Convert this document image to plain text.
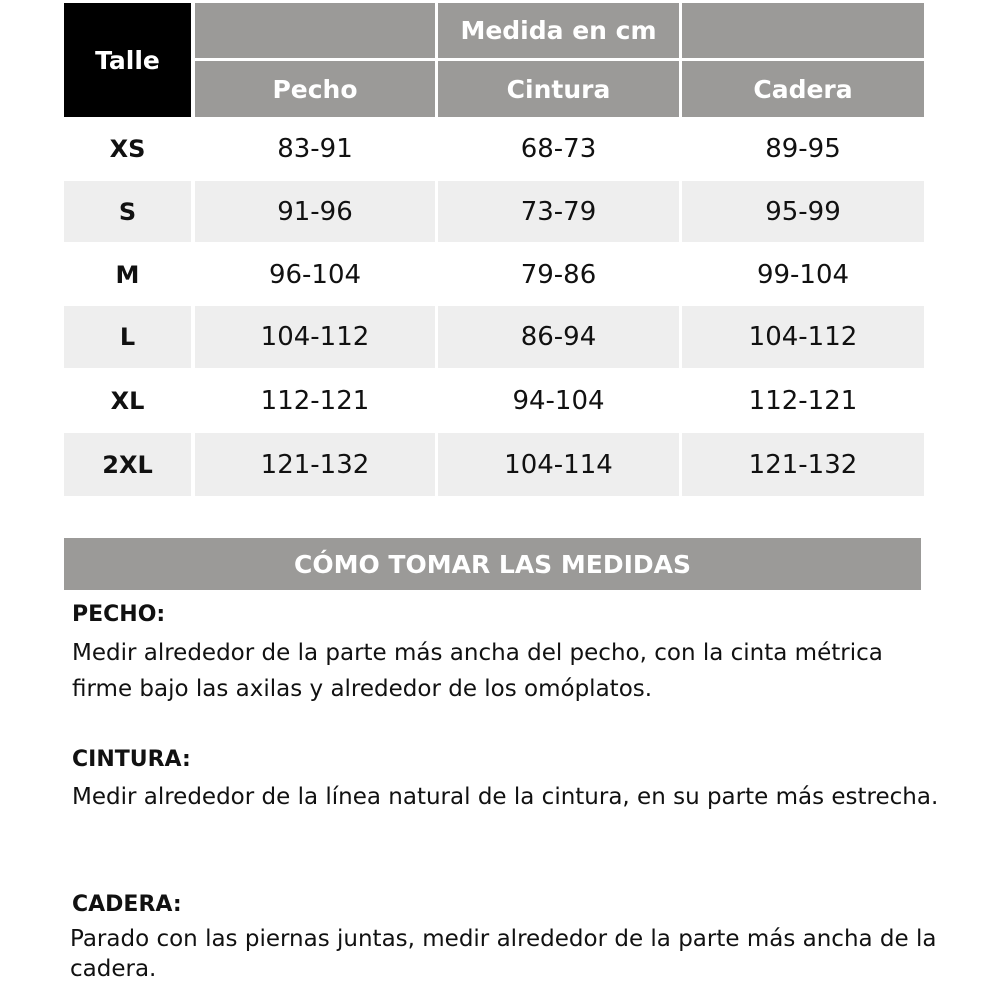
Talle
Medida en cm
Pecho	Cintura	Cadera
XS	83-91	68-73	89-95
S	91-96	73-79	95-99
M	96-104	79-86	99-104
L	104-112	86-94	104-112
XL	112-121	94-104	112-121
2XL	121-132	104-114	121-132
CÓMO TOMAR LAS MEDIDAS
PECHO:
Medir alrededor de la parte más ancha del pecho, con la cinta métrica firme bajo las axilas y alrededor de los omóplatos.
CINTURA:
Medir alrededor de la línea natural de la cintura, en su parte más estrecha.
CADERA:
Parado con las piernas juntas, medir alrededor de la parte más ancha de la cadera.
